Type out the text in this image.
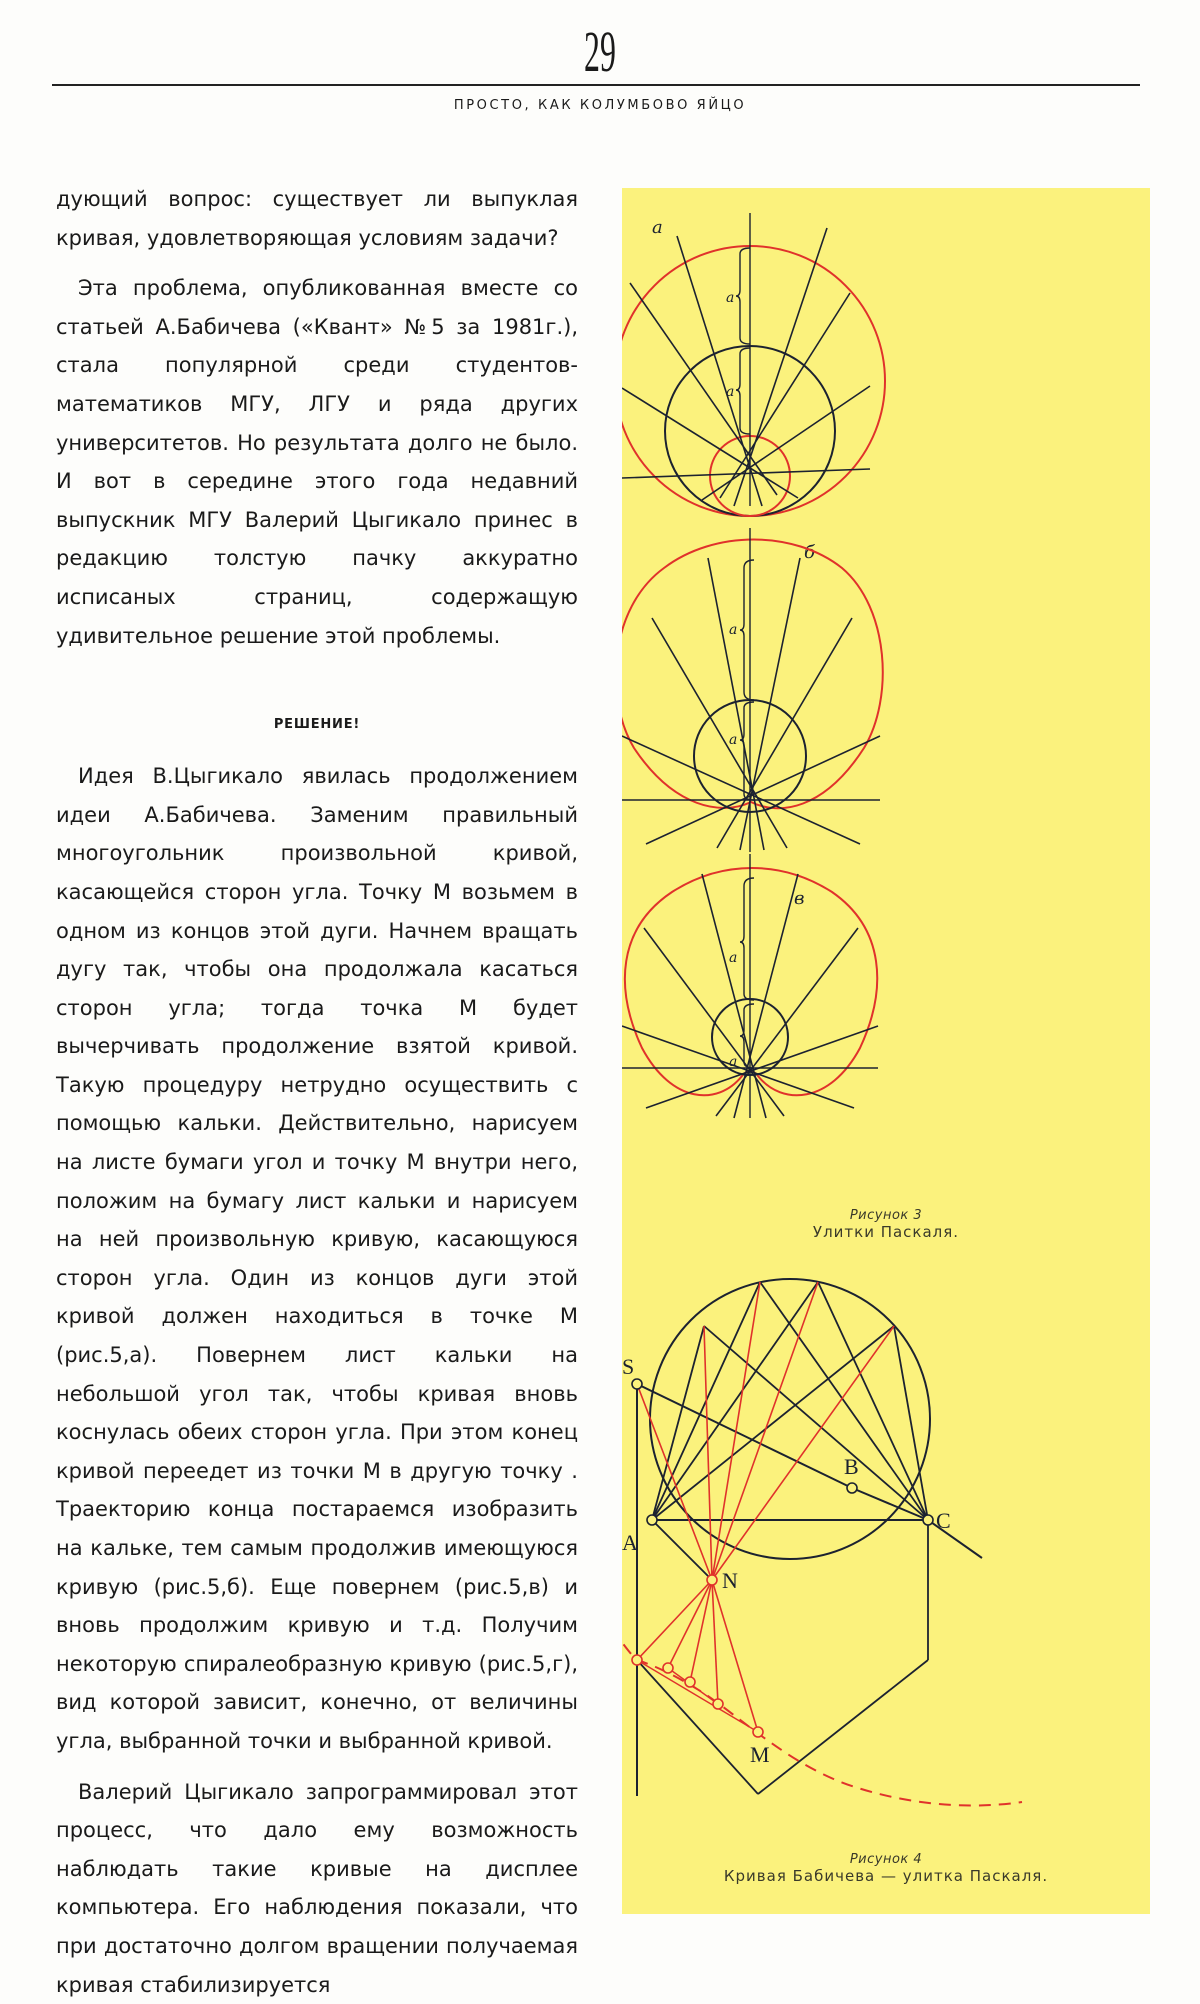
29
ПРОСТО, КАК КОЛУМБОВО ЯЙЦО

дующий вопрос: существует ли выпуклая кривая, удовлетворяющая условиям задачи?

Эта проблема, опубликованная вместе со статьей А.Бабичева («Квант» №5 за 1981г.), стала популярной среди студентов-математиков МГУ, ЛГУ и ряда других университетов. Но результата долго не было. И вот в середине этого года недавний выпускник МГУ Валерий Цыгикало принес в редакцию толстую пачку аккуратно исписаных страниц, содержащую удивительное решение этой проблемы.

РЕШЕНИЕ!

Идея В.Цыгикало явилась продолжением идеи А.Бабичева. Заменим правильный многоугольник произвольной кривой, касающейся сторон угла. Точку М возьмем в одном из концов этой дуги. Начнем вращать дугу так, чтобы она продолжала касаться сторон угла; тогда точка М будет вычерчивать продолжение взятой кривой. Такую процедуру нетрудно осуществить с помощью кальки. Действительно, нарисуем на листе бумаги угол и точку М внутри него, положим на бумагу лист кальки и нарисуем на ней произвольную кривую, касающуюся сторон угла. Один из концов дуги этой кривой должен находиться в точке М (рис.5,а). Повернем лист кальки на небольшой угол так, чтобы кривая вновь коснулась обеих сторон угла. При этом конец кривой переедет из точки М в другую точку . Траекторию конца постараемся изобразить на кальке, тем самым продолжив имеющуюся кривую (рис.5,б). Еще повернем (рис.5,в) и вновь продолжим кривую и т.д. Получим некоторую спиралеобразную кривую (рис.5,г), вид которой зависит, конечно, от величины угла, выбранной точки и выбранной кривой.

Валерий Цыгикало запрограммировал этот процесс, что дало ему возможность наблюдать такие кривые на дисплее компьютера. Его наблюдения показали, что при достаточно долгом вращении получаемая кривая стабилизируется

а
а
а
б
а
а
в
а
а
S
B
A
C
N
M
Рисунок 3
Улитки Паскаля.
Рисунок 4
Кривая Бабичева — улитка Паскаля.
